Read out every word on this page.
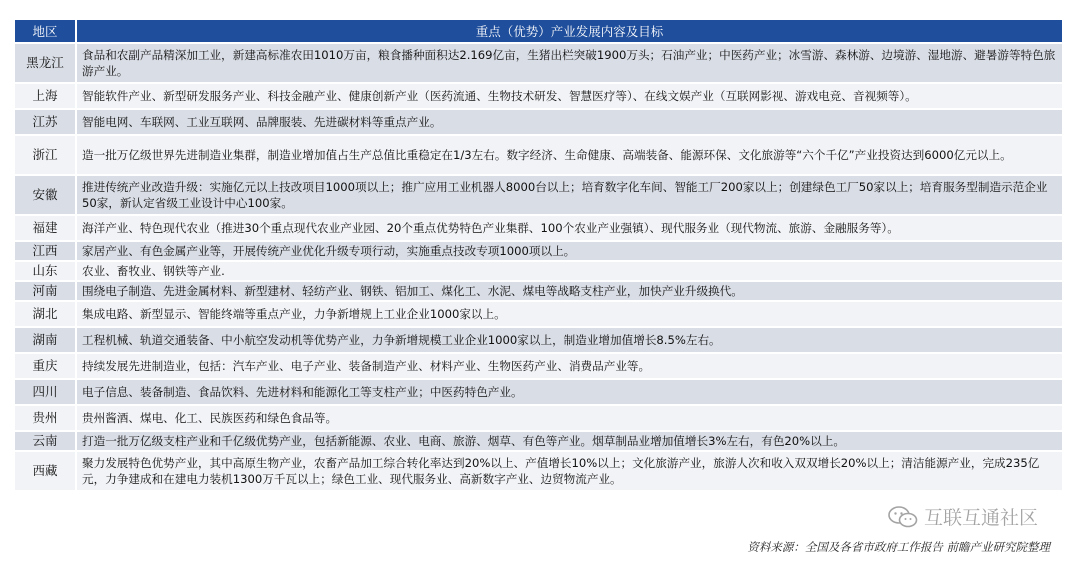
地区	重点（优势）产业发展内容及目标
黑龙江	食品和农副产品精深加工业，新建高标准农田1010万亩，粮食播种面积达2.169亿亩，生猪出栏突破1900万头；石油产业；中医药产业；冰雪游、森林游、边境游、湿地游、避暑游等特色旅游产业。
上海	智能软件产业、新型研发服务产业、科技金融产业、健康创新产业（医药流通、生物技术研发、智慧医疗等）、在线文娱产业（互联网影视、游戏电竞、音视频等）。
江苏	智能电网、车联网、工业互联网、品牌服装、先进碳材料等重点产业。
浙江	造一批万亿级世界先进制造业集群，制造业增加值占生产总值比重稳定在1/3左右。数字经济、生命健康、高端装备、能源环保、文化旅游等“六个千亿”产业投资达到6000亿元以上。
安徽	推进传统产业改造升级：实施亿元以上技改项目1000项以上；推广应用工业机器人8000台以上；培育数字化车间、智能工厂200家以上；创建绿色工厂50家以上；培育服务型制造示范企业50家，新认定省级工业设计中心100家。
福建	海洋产业、特色现代农业（推进30个重点现代农业产业园、20个重点优势特色产业集群、100个农业产业强镇）、现代服务业（现代物流、旅游、金融服务等）。
江西	家居产业、有色金属产业等，开展传统产业优化升级专项行动，实施重点技改专项1000项以上。
山东	农业、畜牧业、钢铁等产业.
河南	围绕电子制造、先进金属材料、新型建材、轻纺产业、钢铁、铝加工、煤化工、水泥、煤电等战略支柱产业，加快产业升级换代。
湖北	集成电路、新型显示、智能终端等重点产业，力争新增规上工业企业1000家以上。
湖南	工程机械、轨道交通装备、中小航空发动机等优势产业，力争新增规模工业企业1000家以上，制造业增加值增长8.5%左右。
重庆	持续发展先进制造业，包括：汽车产业、电子产业、装备制造产业、材料产业、生物医药产业、消费品产业等。
四川	电子信息、装备制造、食品饮料、先进材料和能源化工等支柱产业；中医药特色产业。
贵州	贵州酱酒、煤电、化工、民族医药和绿色食品等。
云南	打造一批万亿级支柱产业和千亿级优势产业，包括新能源、农业、电商、旅游、烟草、有色等产业。烟草制品业增加值增长3%左右，有色20%以上。
西藏	聚力发展特色优势产业，其中高原生物产业，农畜产品加工综合转化率达到20%以上、产值增长10%以上；文化旅游产业，旅游人次和收入双双增长20%以上；清洁能源产业，完成235亿元，力争建成和在建电力装机1300万千瓦以上；绿色工业、现代服务业、高新数字产业、边贸物流产业。
互联互通社区
资料来源：全国及各省市政府工作报告 前瞻产业研究院整理
